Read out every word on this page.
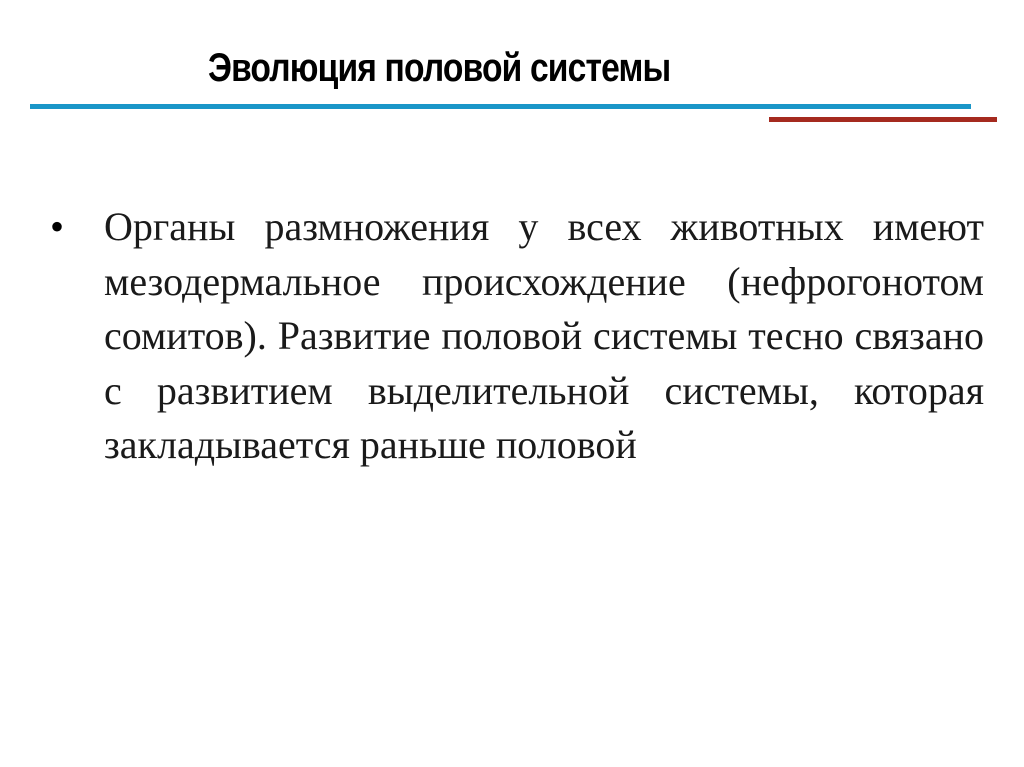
Эволюция половой системы
• Органы размножения у всех животных имеют мезодермальное происхождение (нефрогонотом сомитов). Развитие половой системы тесно связано с развитием выделительной системы, которая закладывается раньше половой
